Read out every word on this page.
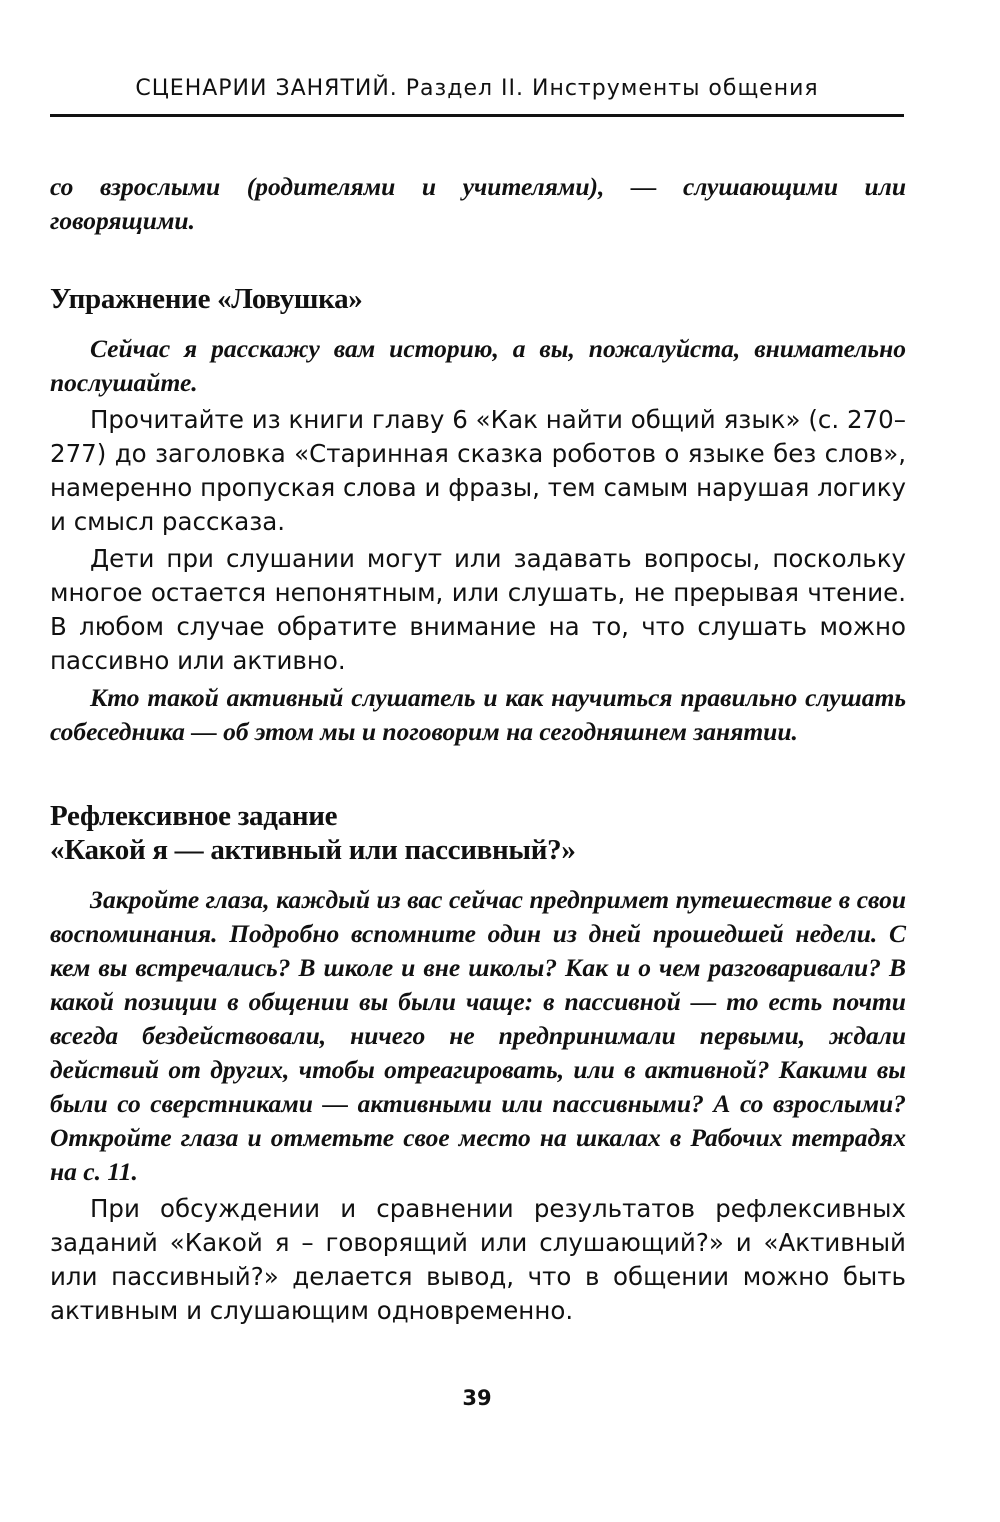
СЦЕНАРИИ ЗАНЯТИЙ. Раздел II. Инструменты общения

со взрослыми (родителями и учителями), — слушающими или говорящими.

Упражнение «Ловушка»

Сейчас я расскажу вам историю, а вы, пожалуйста, внимательно послушайте.

Прочитайте из книги главу 6 «Как найти общий язык» (с. 270–277) до заголовка «Старинная сказка роботов о языке без слов», намеренно пропуская слова и фразы, тем самым нарушая логику и смысл рассказа.

Дети при слушании могут или задавать вопросы, поскольку многое остается непонятным, или слушать, не прерывая чтение. В любом случае обратите внимание на то, что слушать можно пассивно или активно.

Кто такой активный слушатель и как научиться правильно слушать собеседника — об этом мы и поговорим на сегодняшнем занятии.

Рефлексивное задание
«Какой я — активный или пассивный?»

Закройте глаза, каждый из вас сейчас предпримет путешествие в свои воспоминания. Подробно вспомните один из дней прошедшей недели. С кем вы встречались? В школе и вне школы? Как и о чем разговаривали? В какой позиции в общении вы были чаще: в пассивной — то есть почти всегда бездействовали, ничего не предпринимали первыми, ждали действий от других, чтобы отреагировать, или в активной? Какими вы были со сверстниками — активными или пассивными? А со взрослыми? Откройте глаза и отметьте свое место на шкалах в Рабочих тетрадях на с. 11.

При обсуждении и сравнении результатов рефлексивных заданий «Какой я – говорящий или слушающий?» и «Активный или пассивный?» делается вывод, что в общении можно быть активным и слушающим одновременно.

39
